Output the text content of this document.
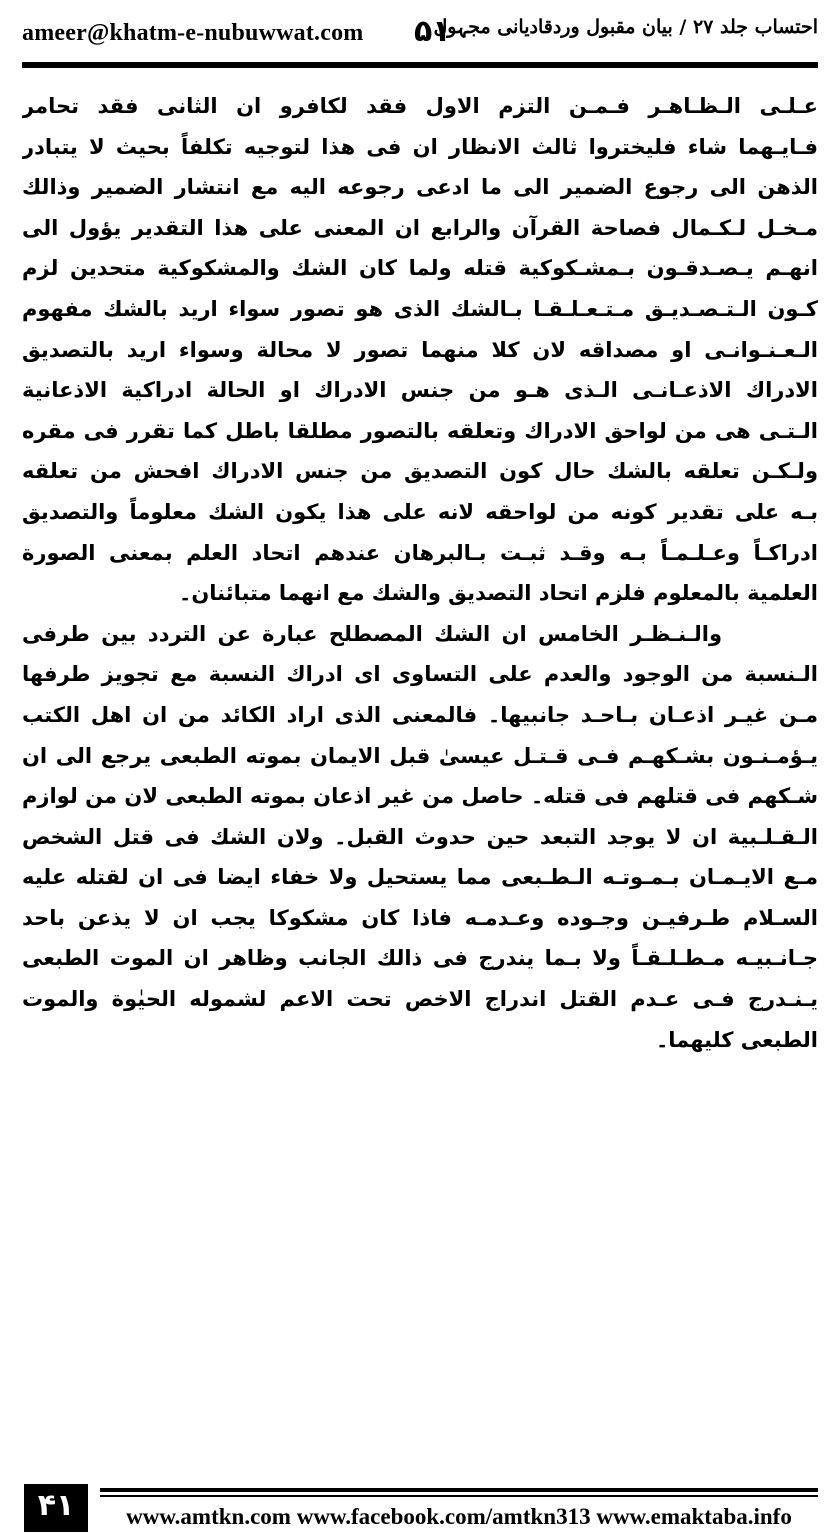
ameer@khatm-e-nubuwwat.com ۵۱
احتساب جلد ۲۷ / بیان مقبول وردقادیانی مجہول
عـلـى الـظـاهـر فـمـن التزم الاول فقد لكافرو ان الثانى فقد تحامر
فـايـهما شاء فليختروا ثالث الانظار ان فى هذا لتوجيه تكلفاً بحيث لا يتبادر
الذهن الى رجوع الضمير الى ما ادعى رجوعه اليه مع انتشار الضمير وذالك
مـخـل لـكـمال فصاحة القرآن والرابع ان المعنى على هذا التقدير يؤول الى
انهـم يـصـدقـون بـمشـكوكية قتله ولما كان الشك والمشكوكية متحدين لزم
كـون الـتـصـديـق مـتـعـلـقـا بـالشك الذى هو تصور سواء اريد بالشك مفهوم
الـعـنـوانـى او مصداقه لان كلا منهما تصور لا محالة وسواء اريد بالتصديق
الادراك الاذعـانـى الـذى هـو من جنس الادراك او الحالة ادراكية الاذعانية
الـتـى هى من لواحق الادراك وتعلقه بالتصور مطلقا باطل كما تقرر فى مقره
ولـكـن تعلقه بالشك حال كون التصديق من جنس الادراك افحش من تعلقه
بـه على تقدير كونه من لواحقه لانه على هذا يكون الشك معلوماً والتصديق
ادراكـاً وعـلـمـاً بـه وقـد ثبـت بـالبرهان عندهم اتحاد العلم بمعنى الصورة
العلمية بالمعلوم فلزم اتحاد التصديق والشك مع انهما متبائنان۔
والـنـظـر الخامس ان الشك المصطلح عبارة عن التردد بين طرفى
الـنسبة من الوجود والعدم على التساوى اى ادراك النسبة مع تجويز طرفها
مـن غيـر اذعـان بـاحـد جانبيها۔ فالمعنى الذى اراد الكائد من ان اهل الكتب
يـؤمـنـون بشـكهـم فـى قـتـل عيسىٰ قبل الايمان بموته الطبعى يرجع الى ان
شـكهم فى قتلهم فى قتله۔ حاصل من غير اذعان بموته الطبعى لان من لوازم
الـقـلـبية ان لا يوجد التبعد حين حدوث القبل۔ ولان الشك فى قتل الشخص
مـع الايـمـان بـمـوتـه الـطـبعى مما يستحيل ولا خفاء ايضا فى ان لقتله عليه
السـلام طـرفيـن وجـوده وعـدمـه فاذا كان مشكوكا يجب ان لا يذعن باحد
جـانـبيـه مـطـلـقـاً ولا بـما يندرج فى ذالك الجانب وظاهر ان الموت الطبعى
يـنـدرج فـى عـدم القتل اندراج الاخص تحت الاعم لشموله الحيٰوة والموت
الطبعى كليهما۔
۴۱	www.amtkn.com www.facebook.com/amtkn313 www.emaktaba.info
